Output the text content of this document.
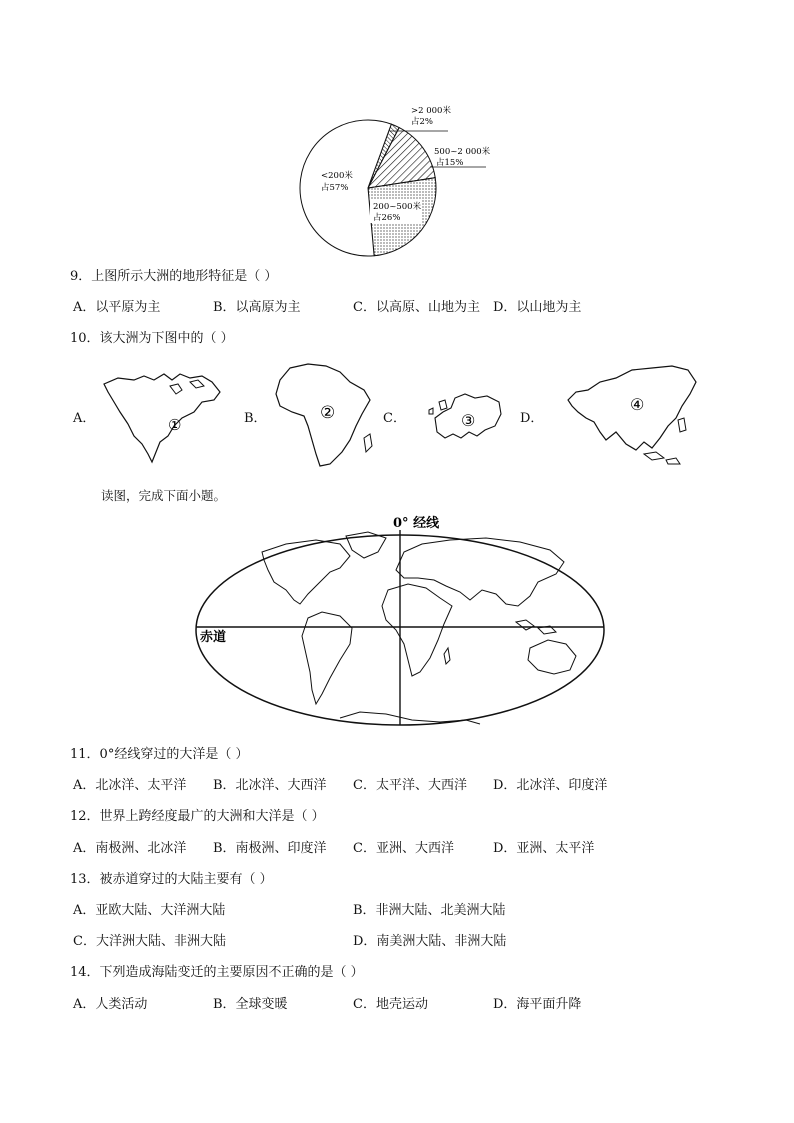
>2 000米
占2%
500~2 000米
占15%
200~500米
占26%
<200米
占57%
9．上图所示大洲的地形特征是（ ）
A．以平原为主	B．以高原为主	C．以高原、山地为主 D．以山地为主
10．该大洲为下图中的（ ）
A．	B．	C．	D．
①
②	③
④
读图，完成下面小题。
0° 经线
赤道
11．0°经线穿过的大洋是（ ）
A．北冰洋、太平洋 B．北冰洋、大西洋 C．太平洋、大西洋 D．北冰洋、印度洋
12．世界上跨经度最广的大洲和大洋是（ ）
A．南极洲、北冰洋 B．南极洲、印度洋 C．亚洲、大西洋	D．亚洲、太平洋
13．被赤道穿过的大陆主要有（ ）
A．亚欧大陆、大洋洲大陆	B．非洲大陆、北美洲大陆
C．大洋洲大陆、非洲大陆	D．南美洲大陆、非洲大陆
14．下列造成海陆变迁的主要原因不正确的是（ ）
A．人类活动	B．全球变暖	C．地壳运动	D．海平面升降
